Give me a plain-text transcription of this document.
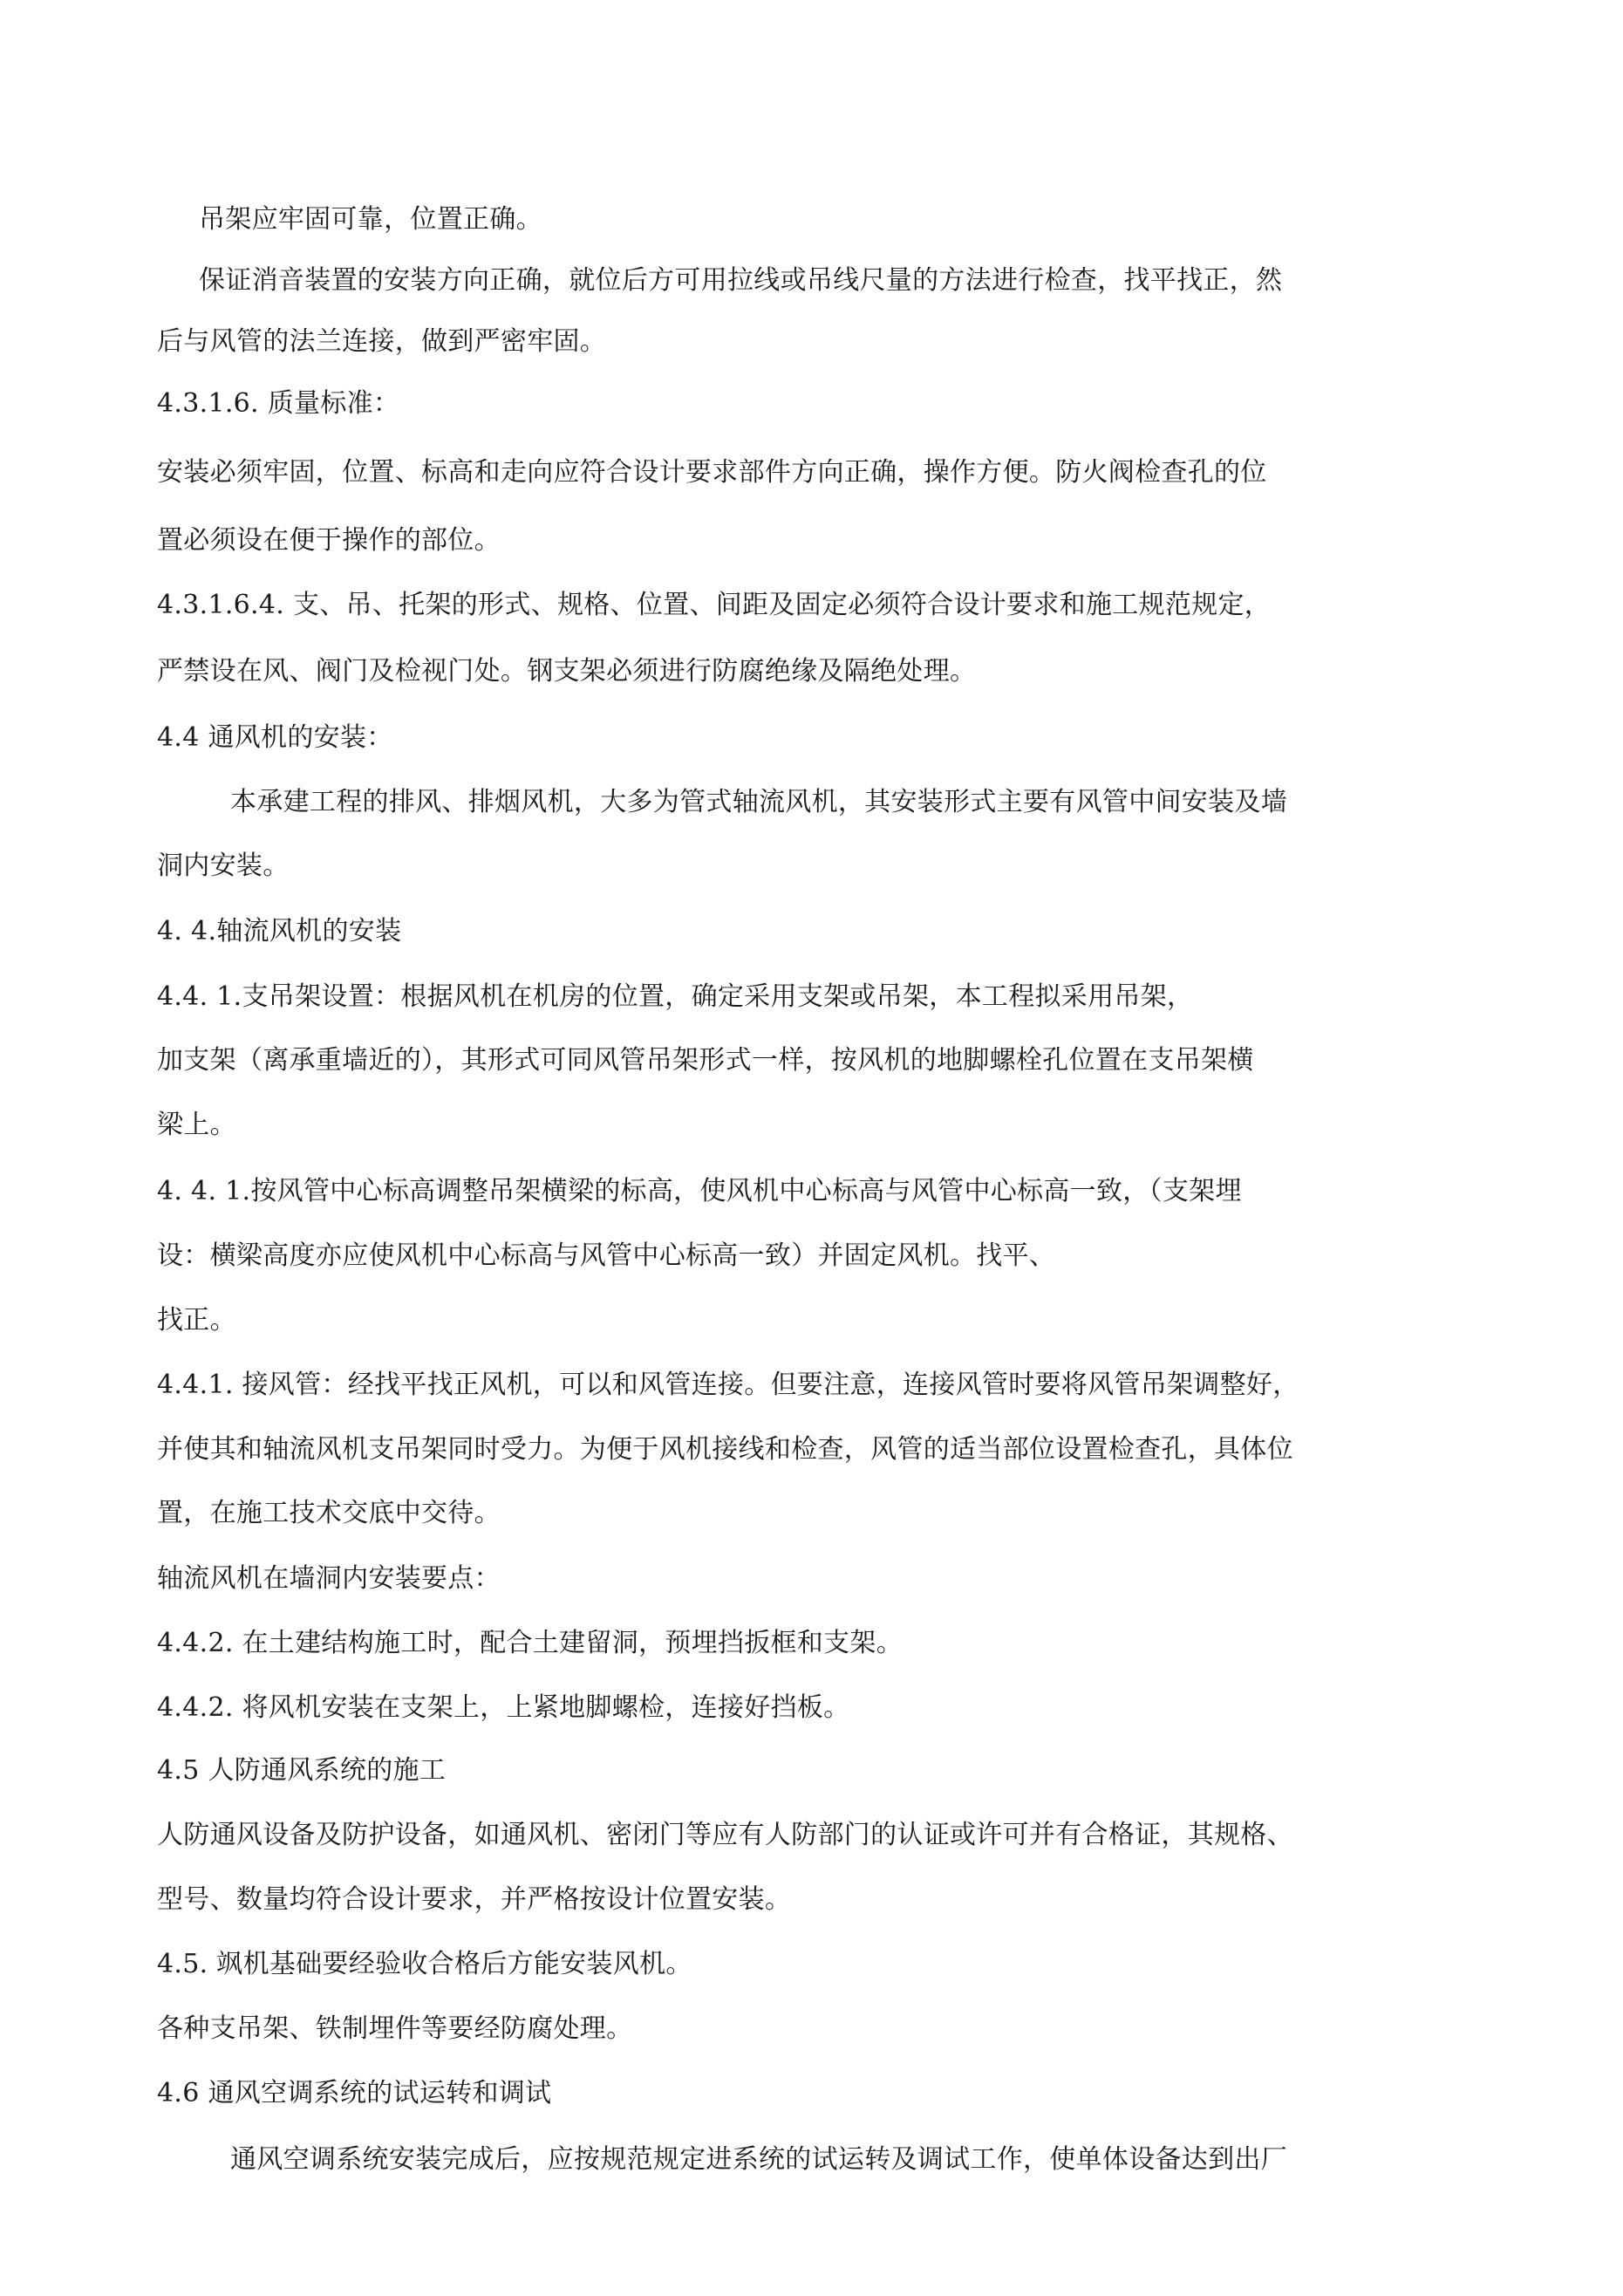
吊架应牢固可靠，位置正确。
保证消音装置的安装方向正确，就位后方可用拉线或吊线尺量的方法进行检查，找平找正，然
后与风管的法兰连接，做到严密牢固。
4.3.1.6. 质量标准：
安装必须牢固，位置、标高和走向应符合设计要求部件方向正确，操作方便。防火阀检查孔的位
置必须设在便于操作的部位。
4.3.1.6.4. 支、吊、托架的形式、规格、位置、间距及固定必须符合设计要求和施工规范规定，
严禁设在风、阀门及检视门处。钢支架必须进行防腐绝缘及隔绝处理。
4.4 通风机的安装：
本承建工程的排风、排烟风机，大多为管式轴流风机，其安装形式主要有风管中间安装及墙
洞内安装。
4. 4.轴流风机的安装
4.4. 1.支吊架设置：根据风机在机房的位置，确定采用支架或吊架，本工程拟采用吊架，
加支架（离承重墙近的），其形式可同风管吊架形式一样，按风机的地脚螺栓孔位置在支吊架横
梁上。
4. 4. 1.按风管中心标高调整吊架横梁的标高，使风机中心标高与风管中心标高一致，（支架埋
设：横梁高度亦应使风机中心标高与风管中心标高一致）并固定风机。找平、
找正。
4.4.1. 接风管：经找平找正风机，可以和风管连接。但要注意，连接风管时要将风管吊架调整好，
并使其和轴流风机支吊架同时受力。为便于风机接线和检查，风管的适当部位设置检查孔，具体位
置，在施工技术交底中交待。
轴流风机在墙洞内安装要点：
4.4.2. 在土建结构施工时，配合土建留洞，预埋挡扳框和支架。
4.4.2. 将风机安装在支架上，上紧地脚螺检，连接好挡板。
4.5 人防通风系统的施工
人防通风设备及防护设备，如通风机、密闭门等应有人防部门的认证或许可并有合格证，其规格、
型号、数量均符合设计要求，并严格按设计位置安装。
4.5. 飒机基础要经验收合格后方能安装风机。
各种支吊架、铁制埋件等要经防腐处理。
4.6 通风空调系统的试运转和调试
通风空调系统安装完成后，应按规范规定进系统的试运转及调试工作，使单体设备达到出厂
